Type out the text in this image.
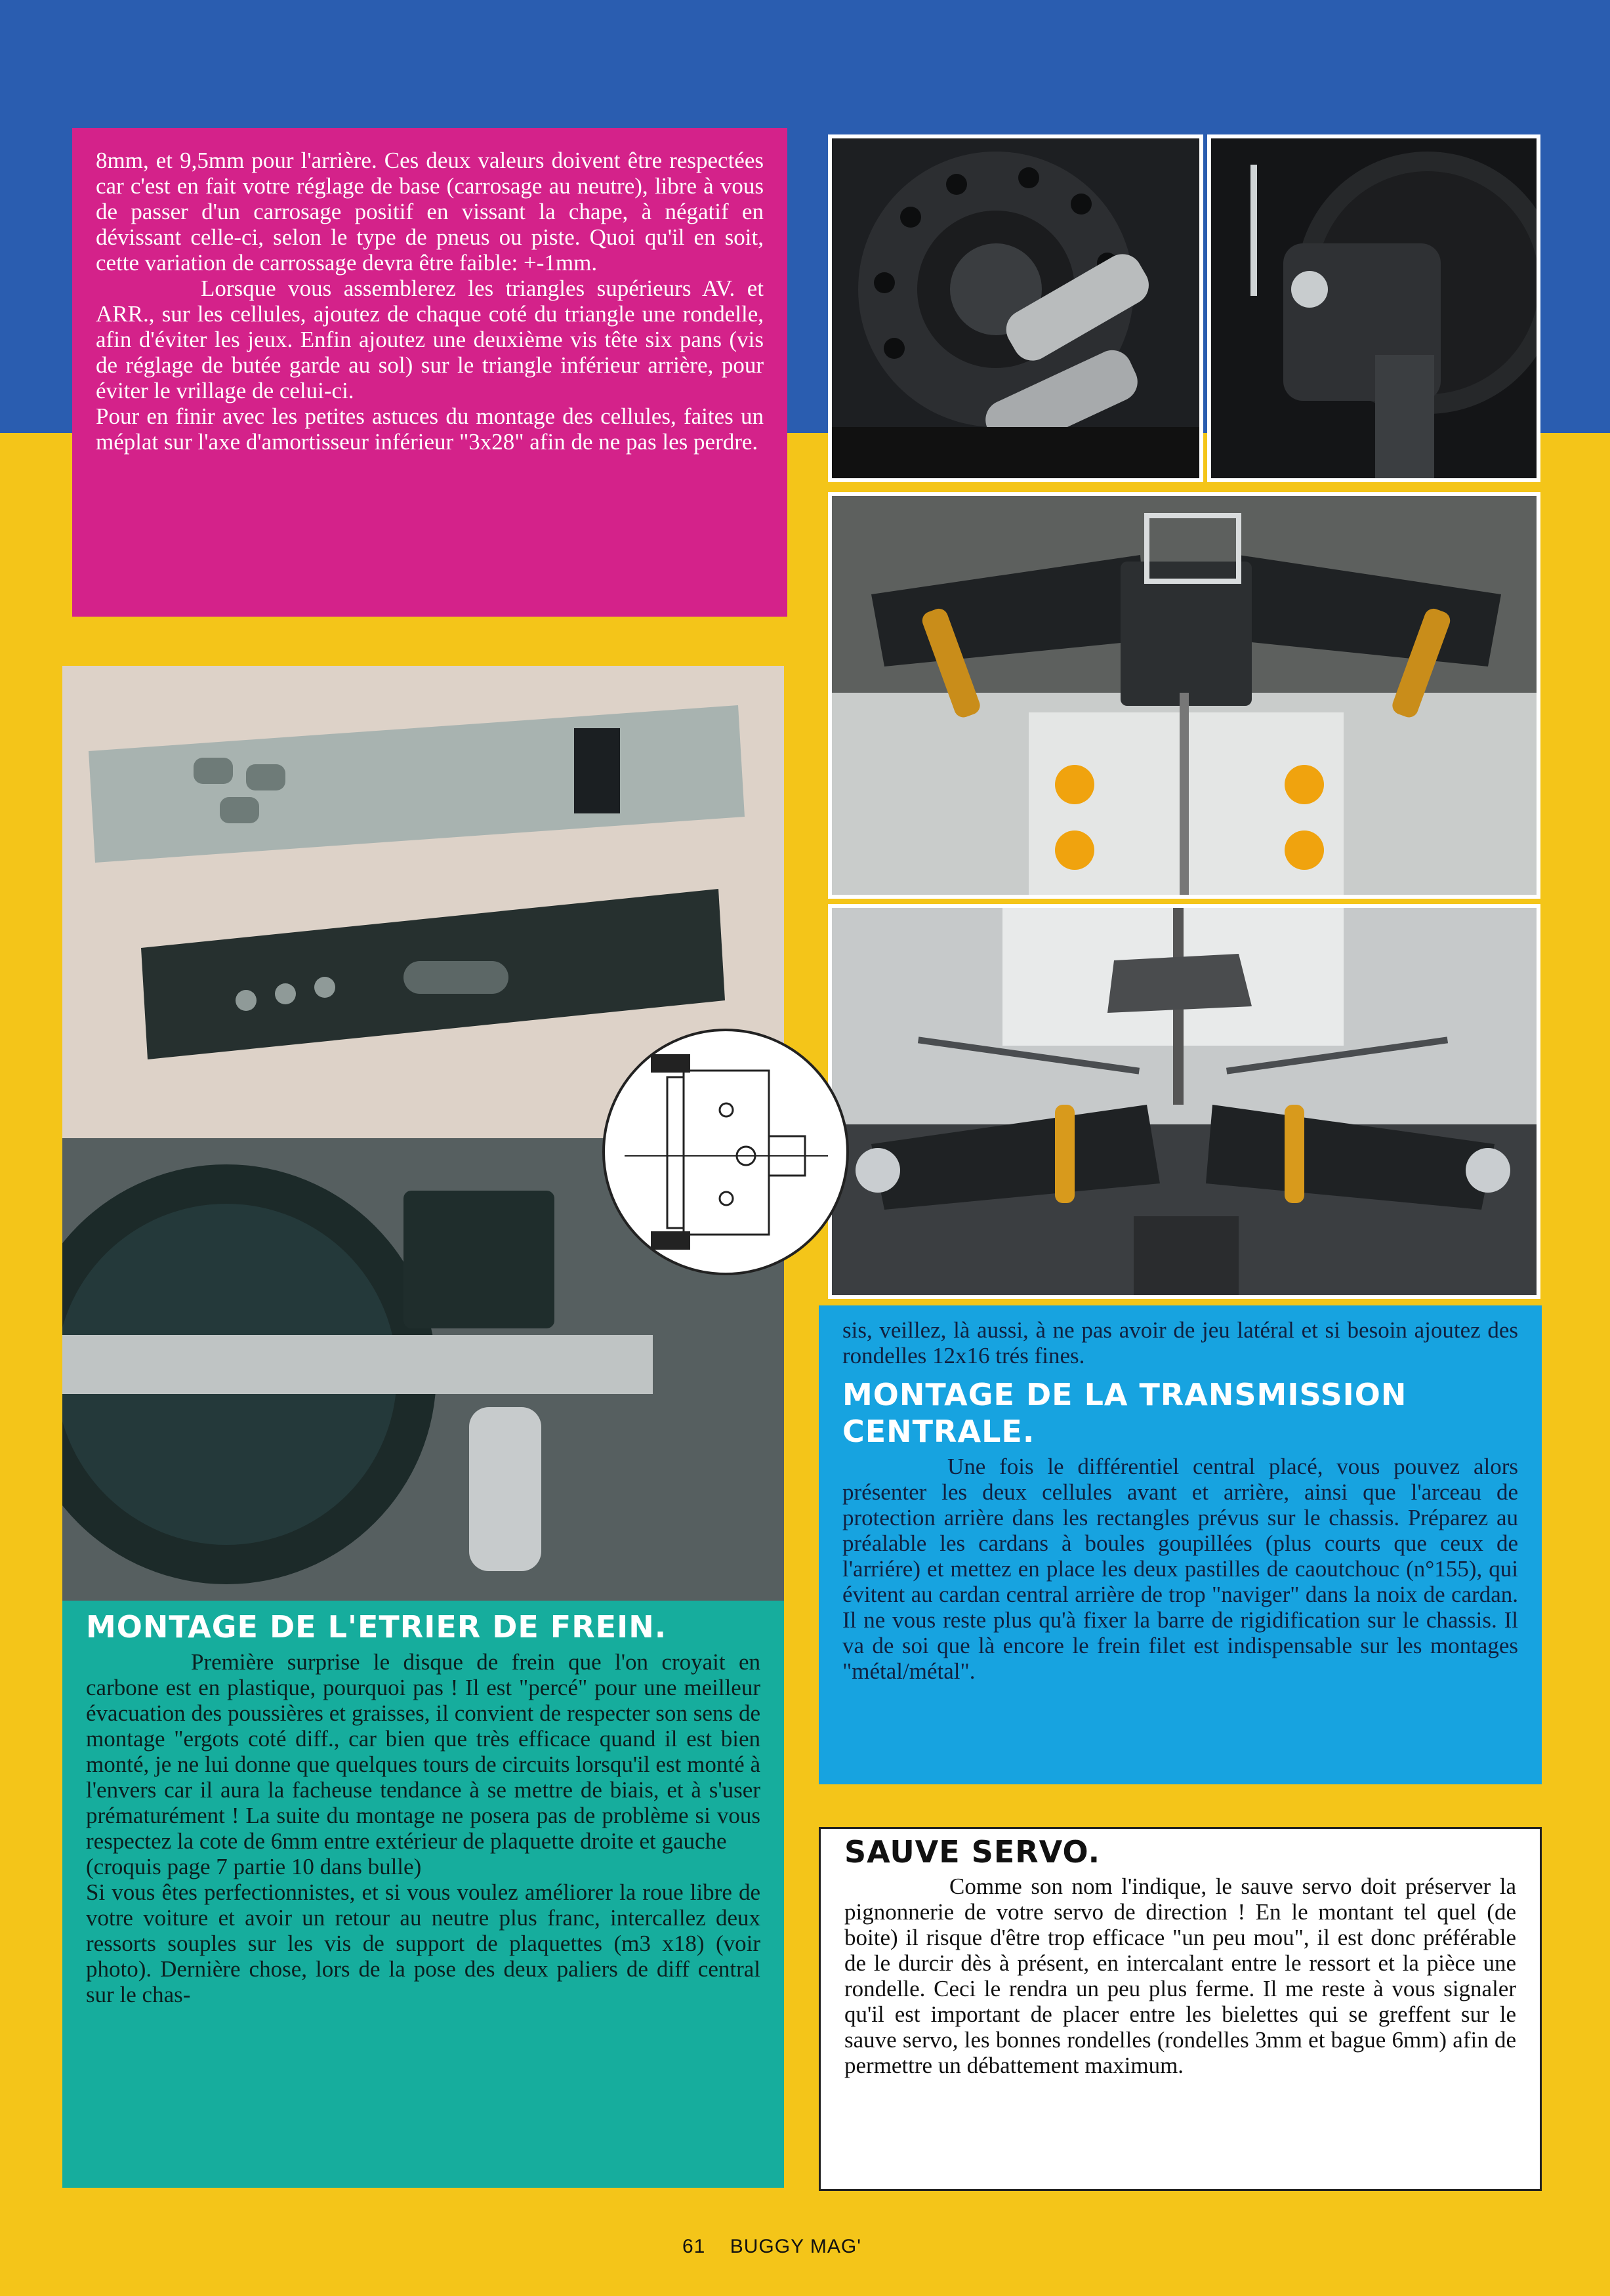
8mm, et 9,5mm pour l'arrière. Ces deux valeurs doivent être respectées car c'est en fait votre réglage de base (carrosage au neutre), libre à vous de passer d'un carrosage positif en vissant la chape, à négatif en dévissant celle-ci, selon le type de pneus ou piste. Quoi qu'il en soit, cette variation de carrossage devra être faible: +-1mm.

Lorsque vous assemblerez les triangles supérieurs AV. et ARR., sur les cellules, ajoutez de chaque coté du triangle une rondelle, afin d'éviter les jeux. Enfin ajoutez une deuxième vis tête six pans (vis de réglage de butée garde au sol) sur le triangle inférieur arrière, pour éviter le vrillage de celui-ci.

Pour en finir avec les petites astuces du montage des cellules, faites un méplat sur l'axe d'amortisseur inférieur "3x28" afin de ne pas les perdre.

MONTAGE DE L'ETRIER DE FREIN.

Première surprise le disque de frein que l'on croyait en carbone est en plastique, pourquoi pas ! Il est "percé" pour une meilleur évacuation des poussières et graisses, il convient de respecter son sens de montage "ergots coté diff., car bien que très efficace quand il est bien monté, je ne lui donne que quelques tours de circuits lorsqu'il est monté à l'envers car il aura la facheuse tendance à se mettre de biais, et à s'user prématurément ! La suite du montage ne posera pas de problème si vous respectez la cote de 6mm entre extérieur de plaquette droite et gauche

(croquis page 7 partie 10 dans bulle)

Si vous êtes perfectionnistes, et si vous voulez améliorer la roue libre de votre voiture et avoir un retour au neutre plus franc, intercallez deux ressorts souples sur les vis de support de plaquettes (m3 x18) (voir photo). Dernière chose, lors de la pose des deux paliers de diff central sur le chas-

sis, veillez, là aussi, à ne pas avoir de jeu latéral et si besoin ajoutez des rondelles 12x16 trés fines.
MONTAGE DE LA TRANSMISSION CENTRALE.
Une fois le différentiel central placé, vous pouvez alors présenter les deux cellules avant et arrière, ainsi que l'arceau de protection arrière dans les rectangles prévus sur le chassis. Préparez au préalable les cardans à boules goupillées (plus courts que ceux de l'arriére) et mettez en place les deux pastilles de caoutchouc (n°155), qui évitent au cardan central arrière de trop "naviger" dans la noix de cardan. Il ne vous reste plus qu'à fixer la barre de rigidification sur le chassis. Il va de soi que là encore le frein filet est indispensable sur les montages "métal/métal".
SAUVE SERVO.
Comme son nom l'indique, le sauve servo doit préserver la pignonnerie de votre servo de direction ! En le montant tel quel (de boite) il risque d'être trop efficace "un peu mou", il est donc préférable de le durcir dès à présent, en intercalant entre le ressort et la pièce une rondelle. Ceci le rendra un peu plus ferme. Il me reste à vous signaler qu'il est important de placer entre les bielettes qui se greffent sur le sauve servo, les bonnes rondelles (rondelles 3mm et bague 6mm) afin de permettre un débattement maximum.
61 BUGGY MAG'
